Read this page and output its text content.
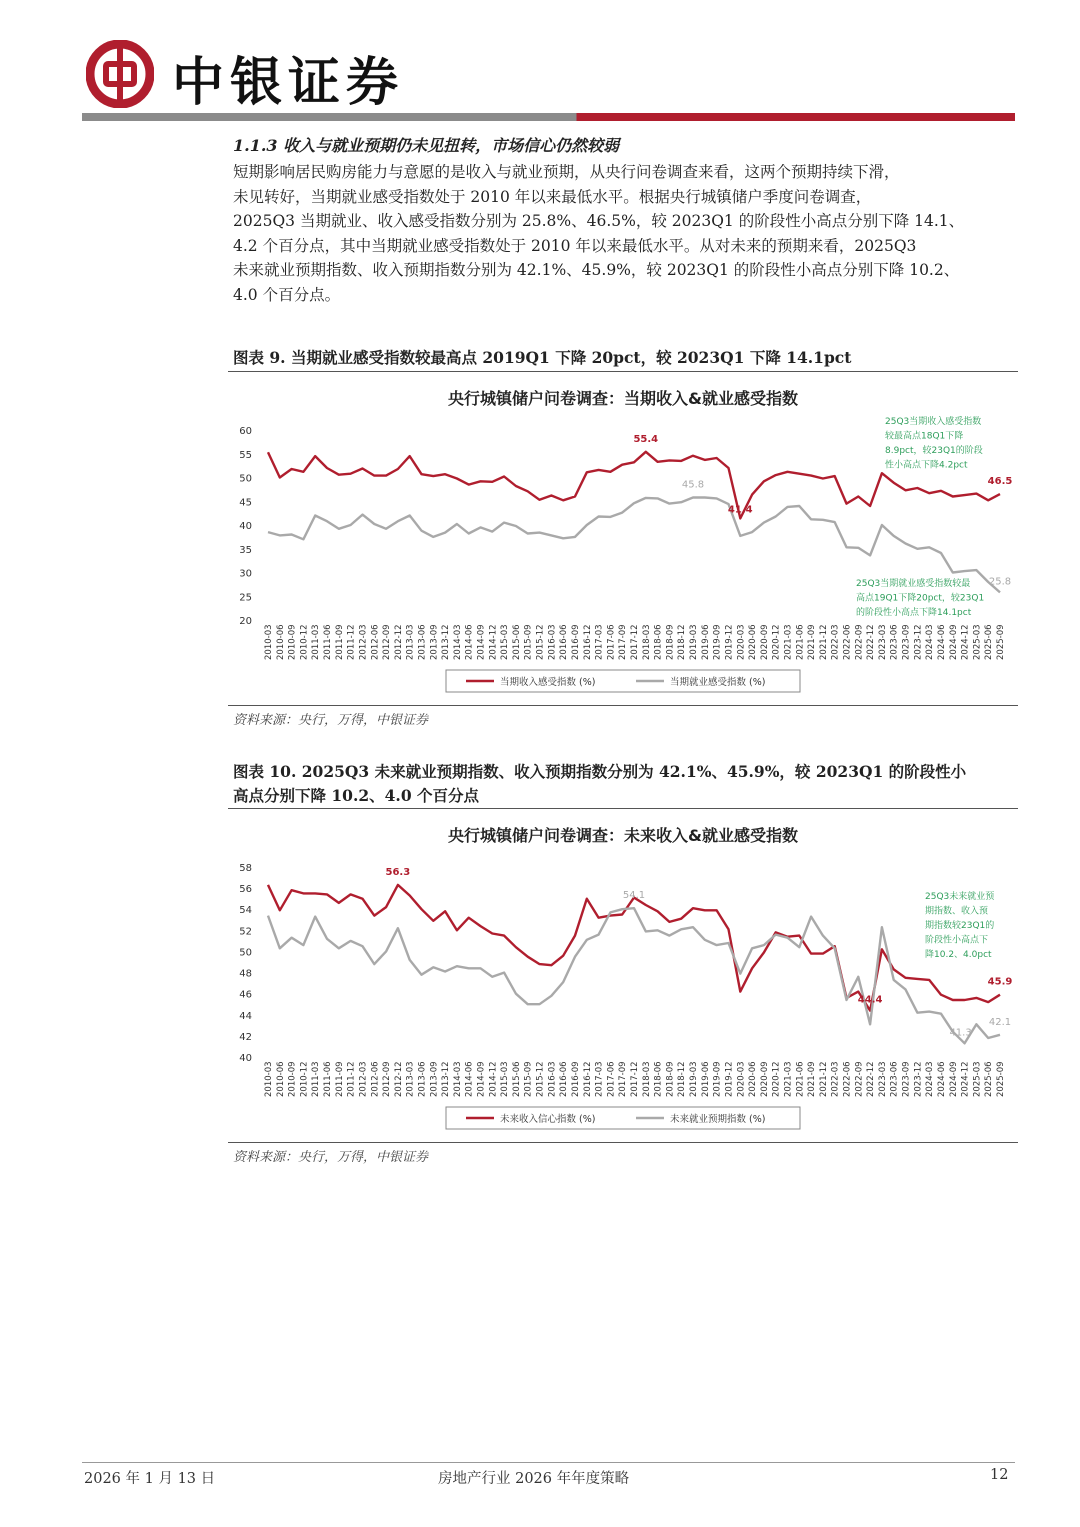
中银证券
1.1.3 收入与就业预期仍未见扭转，市场信心仍然较弱
短期影响居民购房能力与意愿的是收入与就业预期，从央行问卷调查来看，这两个预期持续下滑，
未见转好，当期就业感受指数处于 2010 年以来最低水平。根据央行城镇储户季度问卷调查，
2025Q3 当期就业、收入感受指数分别为 25.8%、46.5%，较 2023Q1 的阶段性小高点分别下降 14.1、
4.2 个百分点，其中当期就业感受指数处于 2010 年以来最低水平。从对未来的预期来看，2025Q3
未来就业预期指数、收入预期指数分别为 42.1%、45.9%，较 2023Q1 的阶段性小高点分别下降 10.2、
4.0 个百分点。
图表 9. 当期就业感受指数较最高点 2019Q1 下降 20pct，较 2023Q1 下降 14.1pct
央行城镇储户问卷调查：当期收入&就业感受指数
20
25
30
35
40
45
50
55
60
2010-03 2010-06 2010-09 2010-12 2011-03 2011-06 2011-09 2011-12 2012-03 2012-06 2012-09 2012-12 2013-03 2013-06 2013-09 2013-12 2014-03 2014-06 2014-09 2014-12 2015-03 2015-06 2015-09 2015-12 2016-03 2016-06 2016-09 2016-12 2017-03 2017-06 2017-09 2017-12 2018-03 2018-06 2018-09 2018-12 2019-03 2019-06 2019-09 2019-12 2020-03 2020-06 2020-09 2020-12 2021-03 2021-06 2021-09 2021-12 2022-03 2022-06 2022-09 2022-12 2023-03 2023-06 2023-09 2023-12 2024-03 2024-06 2024-09 2024-12 2025-03 2025-06 2025-09
55.4
45.8
41.4
46.5
25.8
25Q3当期收入感受指数
较最高点18Q1下降
8.9pct，较23Q1的阶段
性小高点下降4.2pct
25Q3当期就业感受指数较最
高点19Q1下降20pct，较23Q1
的阶段性小高点下降14.1pct
当期收入感受指数 (%)	当期就业感受指数 (%)
资料来源：央行，万得，中银证券
图表 10. 2025Q3 未来就业预期指数、收入预期指数分别为 42.1%、45.9%，较 2023Q1 的阶段性小
高点分别下降 10.2、4.0 个百分点
央行城镇储户问卷调查：未来收入&就业感受指数
40
42
44
46
48
50
52
54
56
58
2010-03 2010-06 2010-09 2010-12 2011-03 2011-06 2011-09 2011-12 2012-03 2012-06 2012-09 2012-12 2013-03 2013-06 2013-09 2013-12 2014-03 2014-06 2014-09 2014-12 2015-03 2015-06 2015-09 2015-12 2016-03 2016-06 2016-09 2016-12 2017-03 2017-06 2017-09 2017-12 2018-03 2018-06 2018-09 2018-12 2019-03 2019-06 2019-09 2019-12 2020-03 2020-06 2020-09 2020-12 2021-03 2021-06 2021-09 2021-12 2022-03 2022-06 2022-09 2022-12 2023-03 2023-06 2023-09 2023-12 2024-03 2024-06 2024-09 2024-12 2025-03 2025-06 2025-09
56.3
54.1
44.4
41.3
45.9
42.1
25Q3未来就业预
期指数、收入预
期指数较23Q1的
阶段性小高点下
降10.2、4.0pct
未来收入信心指数 (%)	未来就业预期指数 (%)
资料来源：央行，万得，中银证券
2026 年 1 月 13 日	房地产行业 2026 年年度策略	12
